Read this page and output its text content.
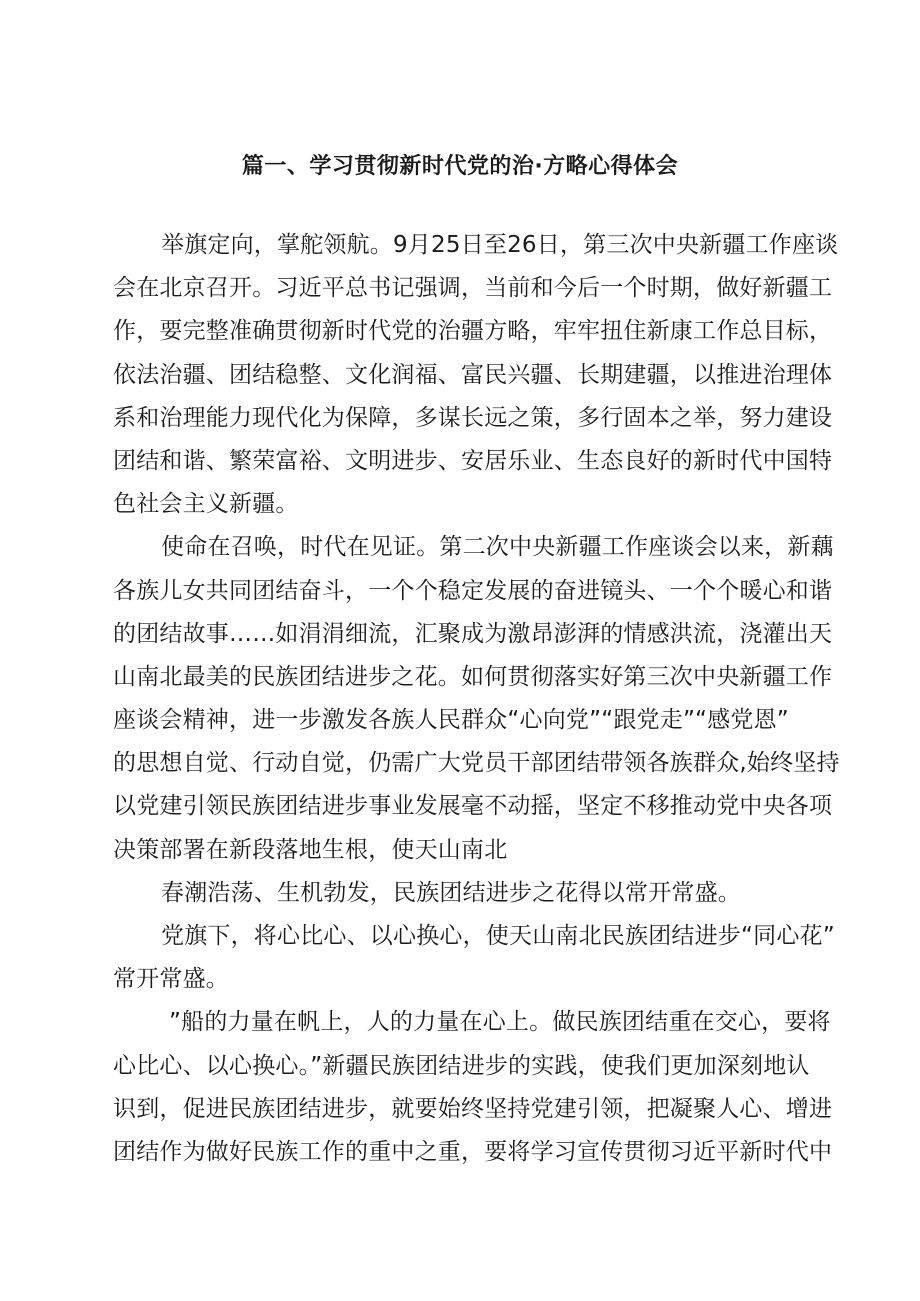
篇一、学习贯彻新时代党的治·方略心得体会
举旗定向，掌舵领航。9月25日至26日，第三次中央新疆工作座谈
会在北京召开。习近平总书记强调，当前和今后一个时期，做好新疆工
作，要完整准确贯彻新时代党的治疆方略，牢牢扭住新康工作总目标，
依法治疆、团结稳整、文化润福、富民兴疆、长期建疆，以推进治理体
系和治理能力现代化为保障，多谋长远之策，多行固本之举，努力建设
团结和谐、繁荣富裕、文明进步、安居乐业、生态良好的新时代中国特
色社会主义新疆。
使命在召唤，时代在见证。第二次中央新疆工作座谈会以来，新藕
各族儿女共同团结奋斗，一个个稳定发展的奋进镜头、一个个暖心和谐
的团结故事……如涓涓细流，汇聚成为激昂澎湃的情感洪流，浇灌出天
山南北最美的民族团结进步之花。如何贯彻落实好第三次中央新疆工作
座谈会精神，进一步激发各族人民群众“心向党”“跟党走”“感党恩”
的思想自觉、行动自觉，仍需广大党员干部团结带领各族群众,始终坚持
以党建引领民族团结进步事业发展毫不动摇，坚定不移推动党中央各项
决策部署在新段落地生根，使天山南北
春潮浩荡、生机勃发，民族团结进步之花得以常开常盛。
党旗下，将心比心、以心换心，使天山南北民族团结进步“同心花”
常开常盛。
”船的力量在帆上，人的力量在心上。做民族团结重在交心，要将
心比心、以心换心。”新疆民族团结进步的实践，使我们更加深刻地认
识到，促进民族团结进步，就要始终坚持党建引领，把凝聚人心、增进
团结作为做好民族工作的重中之重，要将学习宣传贯彻习近平新时代中
